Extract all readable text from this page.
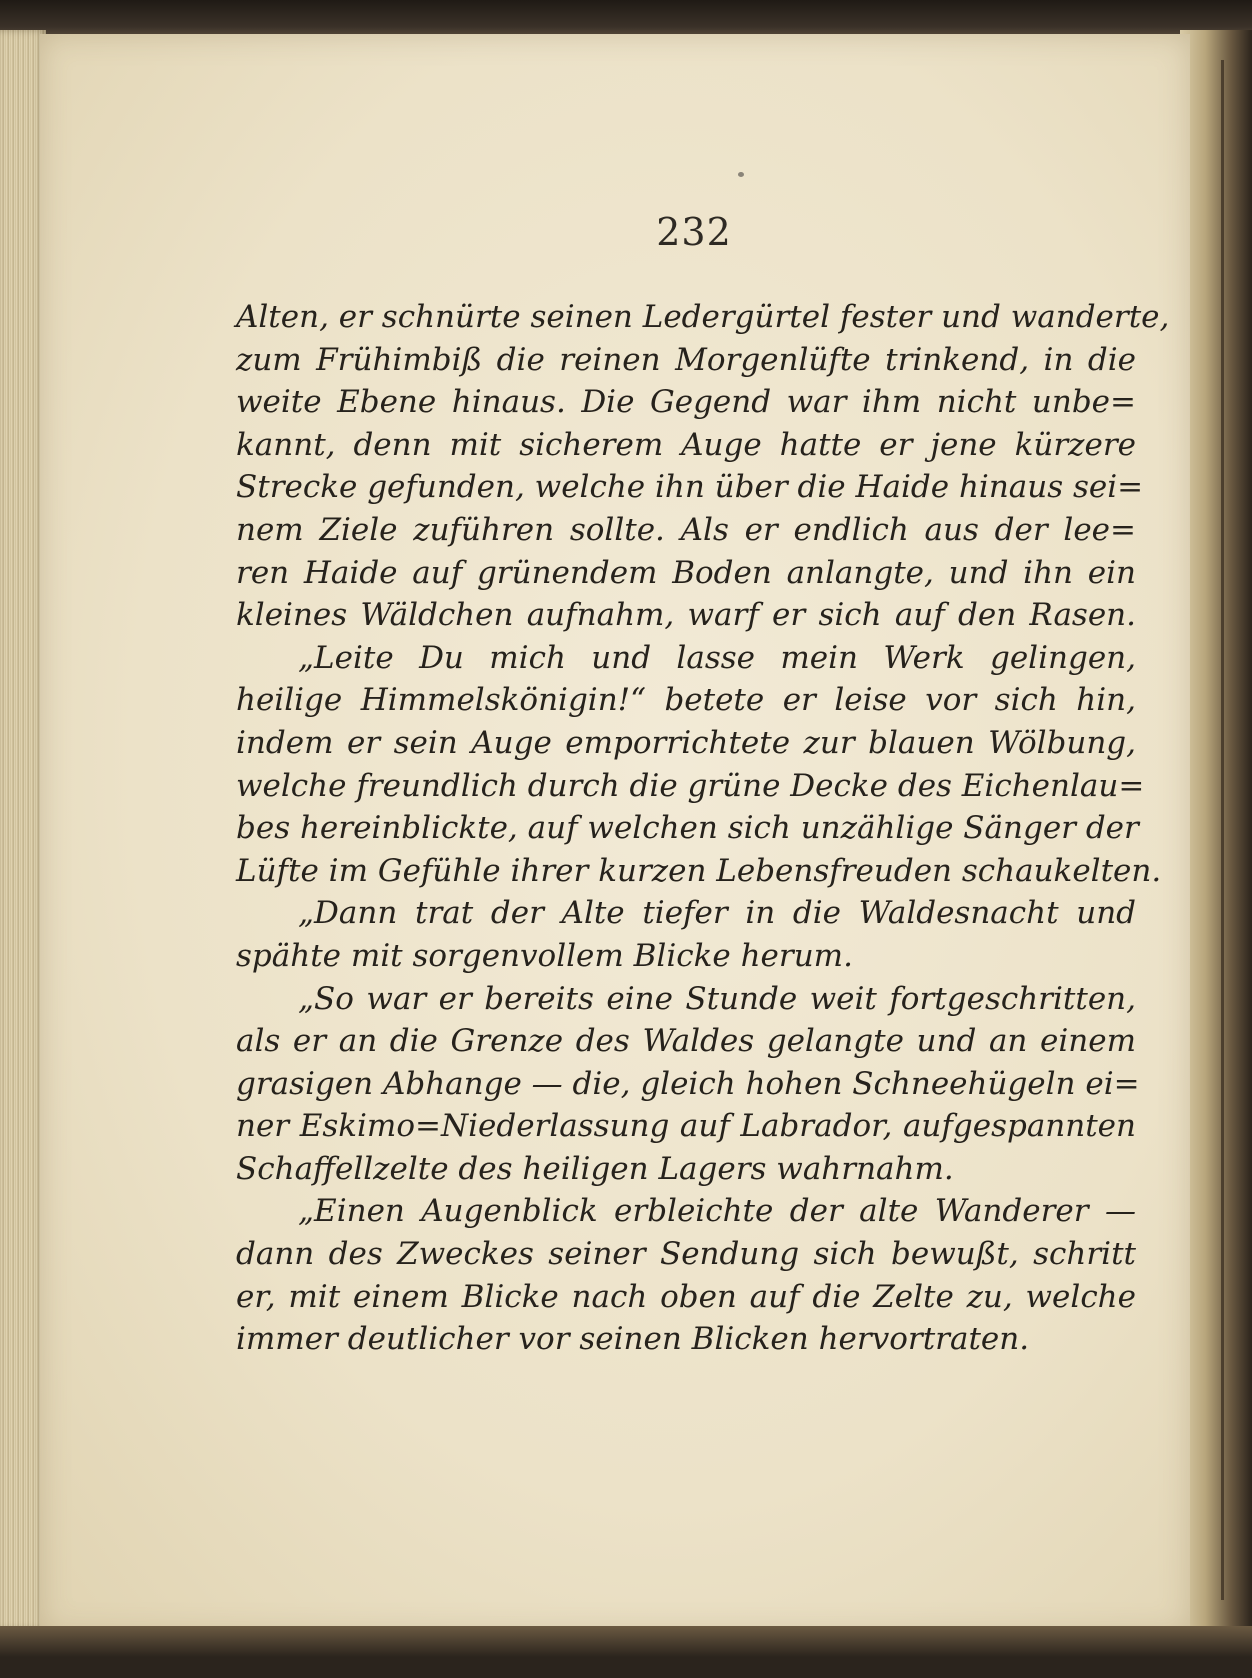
232
Alten, er schnürte seinen Ledergürtel fester und wanderte,
zum Frühimbiß die reinen Morgenlüfte trinkend, in die
weite Ebene hinaus. Die Gegend war ihm nicht unbe=
kannt, denn mit sicherem Auge hatte er jene kürzere
Strecke gefunden, welche ihn über die Haide hinaus sei=
nem Ziele zuführen sollte. Als er endlich aus der lee=
ren Haide auf grünendem Boden anlangte, und ihn ein
kleines Wäldchen aufnahm, warf er sich auf den Rasen.
„Leite Du mich und lasse mein Werk gelingen,
heilige Himmelskönigin!“ betete er leise vor sich hin,
indem er sein Auge emporrichtete zur blauen Wölbung,
welche freundlich durch die grüne Decke des Eichenlau=
bes hereinblickte, auf welchen sich unzählige Sänger der
Lüfte im Gefühle ihrer kurzen Lebensfreuden schaukelten.
„Dann trat der Alte tiefer in die Waldesnacht und
spähte mit sorgenvollem Blicke herum.
„So war er bereits eine Stunde weit fortgeschritten,
als er an die Grenze des Waldes gelangte und an einem
grasigen Abhange — die, gleich hohen Schneehügeln ei=
ner Eskimo=Niederlassung auf Labrador, aufgespannten
Schaffellzelte des heiligen Lagers wahrnahm.
„Einen Augenblick erbleichte der alte Wanderer —
dann des Zweckes seiner Sendung sich bewußt, schritt
er, mit einem Blicke nach oben auf die Zelte zu, welche
immer deutlicher vor seinen Blicken hervortraten.
